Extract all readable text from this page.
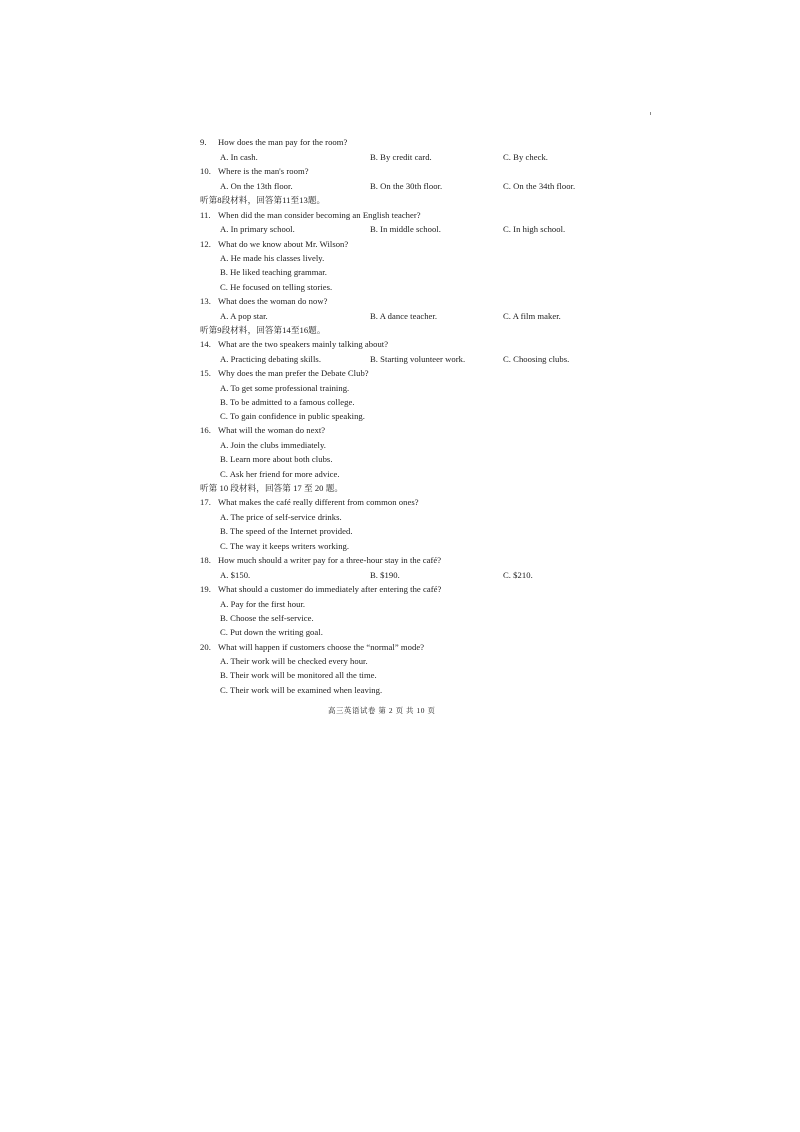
9. How does the man pay for the room?
A. In cash.	B. By credit card.	C. By check.
10. Where is the man's room?
A. On the 13th floor.	B. On the 30th floor.	C. On the 34th floor.
听第8段材料，回答第11至13题。
11. When did the man consider becoming an English teacher?
A. In primary school.	B. In middle school.	C. In high school.
12. What do we know about Mr. Wilson?
A. He made his classes lively.
B. He liked teaching grammar.
C. He focused on telling stories.
13. What does the woman do now?
A. A pop star.	B. A dance teacher.	C. A film maker.
听第9段材料，回答第14至16题。
14. What are the two speakers mainly talking about?
A. Practicing debating skills.	B. Starting volunteer work.	C. Choosing clubs.
15. Why does the man prefer the Debate Club?
A. To get some professional training.
B. To be admitted to a famous college.
C. To gain confidence in public speaking.
16. What will the woman do next?
A. Join the clubs immediately.
B. Learn more about both clubs.
C. Ask her friend for more advice.
听第 10 段材料，回答第 17 至 20 题。
17. What makes the café really different from common ones?
A. The price of self-service drinks.
B. The speed of the Internet provided.
C. The way it keeps writers working.
18. How much should a writer pay for a three-hour stay in the café?
A. $150.	B. $190.	C. $210.
19. What should a customer do immediately after entering the café?
A. Pay for the first hour.
B. Choose the self-service.
C. Put down the writing goal.
20. What will happen if customers choose the “normal” mode?
A. Their work will be checked every hour.
B. Their work will be monitored all the time.
C. Their work will be examined when leaving.
高三英语试卷 第 2 页 共 10 页
